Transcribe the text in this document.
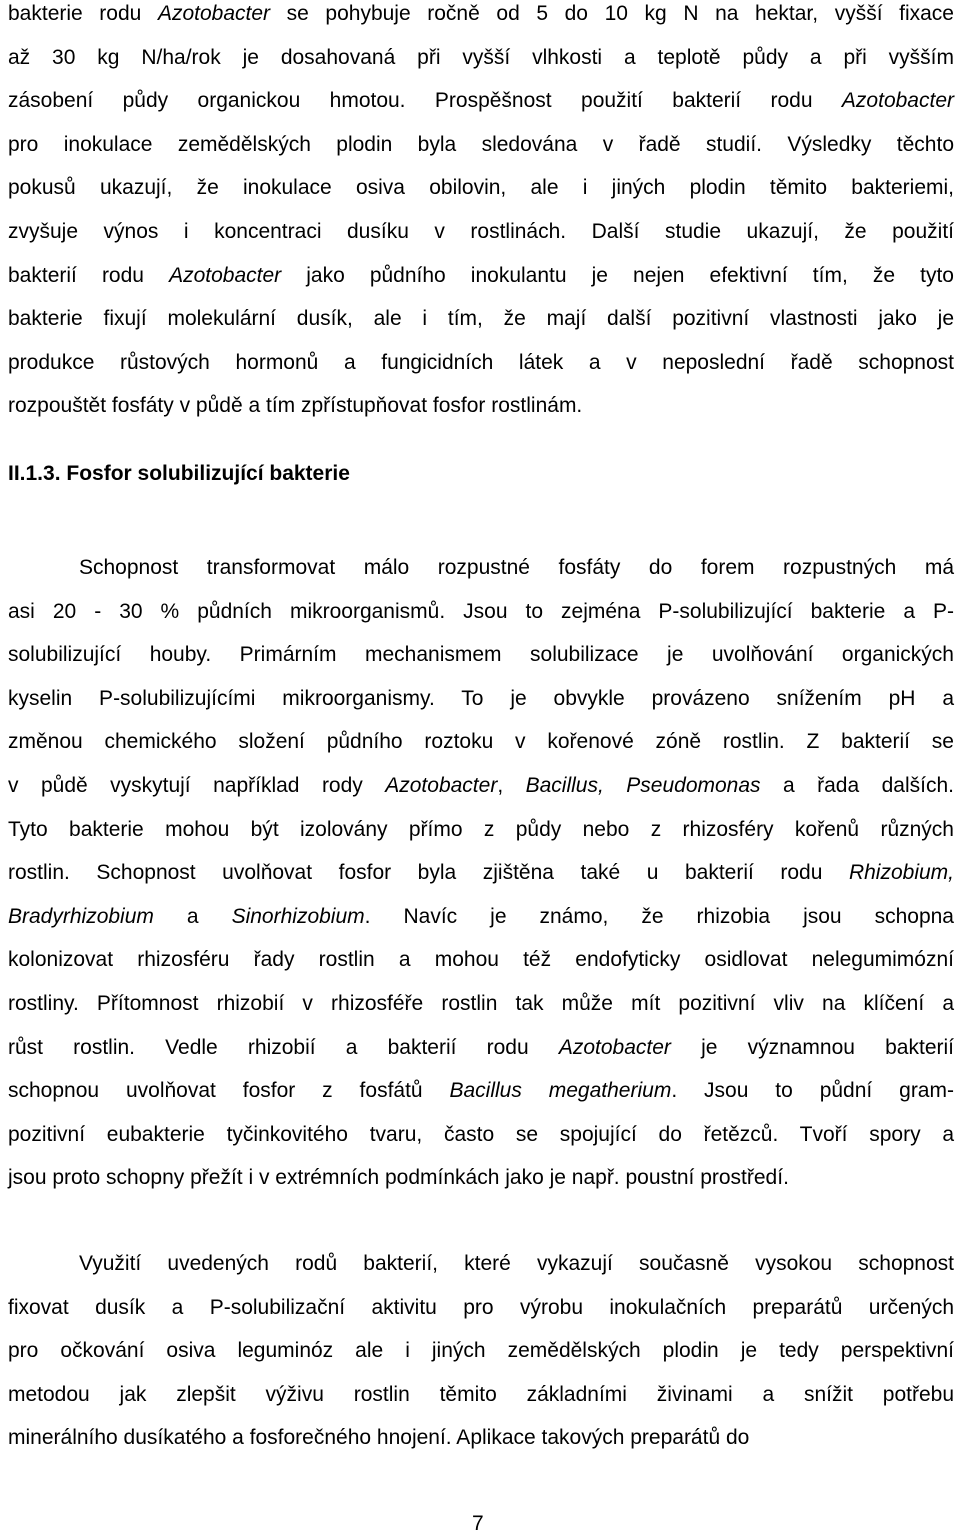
bakterie rodu Azotobacter se pohybuje ročně od 5 do 10 kg N na hektar, vyšší fixace
až 30 kg N/ha/rok je dosahovaná při vyšší vlhkosti a teplotě půdy a při vyšším
zásobení půdy organickou hmotou. Prospěšnost použití bakterií rodu Azotobacter
pro inokulace zemědělských plodin byla sledována v řadě studií. Výsledky těchto
pokusů ukazují, že inokulace osiva obilovin, ale i jiných plodin těmito bakteriemi,
zvyšuje výnos i koncentraci dusíku v rostlinách. Další studie ukazují, že použití
bakterií rodu Azotobacter jako půdního inokulantu je nejen efektivní tím, že tyto
bakterie fixují molekulární dusík, ale i tím, že mají další pozitivní vlastnosti jako je
produkce růstových hormonů a fungicidních látek a v neposlední řadě schopnost
rozpouštět fosfáty v půdě a tím zpřístupňovat fosfor rostlinám.
II.1.3. Fosfor solubilizující bakterie
Schopnost transformovat málo rozpustné fosfáty do forem rozpustných má
asi 20 - 30 % půdních mikroorganismů. Jsou to zejména P-solubilizující bakterie a P-
solubilizující houby. Primárním mechanismem solubilizace je uvolňování organických
kyselin P-solubilizujícími mikroorganismy. To je obvykle provázeno snížením pH a
změnou chemického složení půdního roztoku v kořenové zóně rostlin. Z bakterií se
v půdě vyskytují například rody Azotobacter, Bacillus, Pseudomonas a řada dalších.
Tyto bakterie mohou být izolovány přímo z půdy nebo z rhizosféry kořenů různých
rostlin. Schopnost uvolňovat fosfor byla zjištěna také u bakterií rodu Rhizobium,
Bradyrhizobium a Sinorhizobium. Navíc je známo, že rhizobia jsou schopna
kolonizovat rhizosféru řady rostlin a mohou též endofyticky osidlovat nelegumimózní
rostliny. Přítomnost rhizobií v rhizosféře rostlin tak může mít pozitivní vliv na klíčení a
růst rostlin. Vedle rhizobií a bakterií rodu Azotobacter je významnou bakterií
schopnou uvolňovat fosfor z fosfátů Bacillus megatherium. Jsou to půdní gram-
pozitivní eubakterie tyčinkovitého tvaru, často se spojující do řetězců. Tvoří spory a
jsou proto schopny přežít i v extrémních podmínkách jako je např. poustní prostředí.
Využití uvedených rodů bakterií, které vykazují současně vysokou schopnost
fixovat dusík a P-solubilizační aktivitu pro výrobu inokulačních preparátů určených
pro očkování osiva leguminóz ale i jiných zemědělských plodin je tedy perspektivní
metodou jak zlepšit výživu rostlin těmito základními živinami a snížit potřebu
minerálního dusíkatého a fosforečného hnojení. Aplikace takových preparátů do
7
